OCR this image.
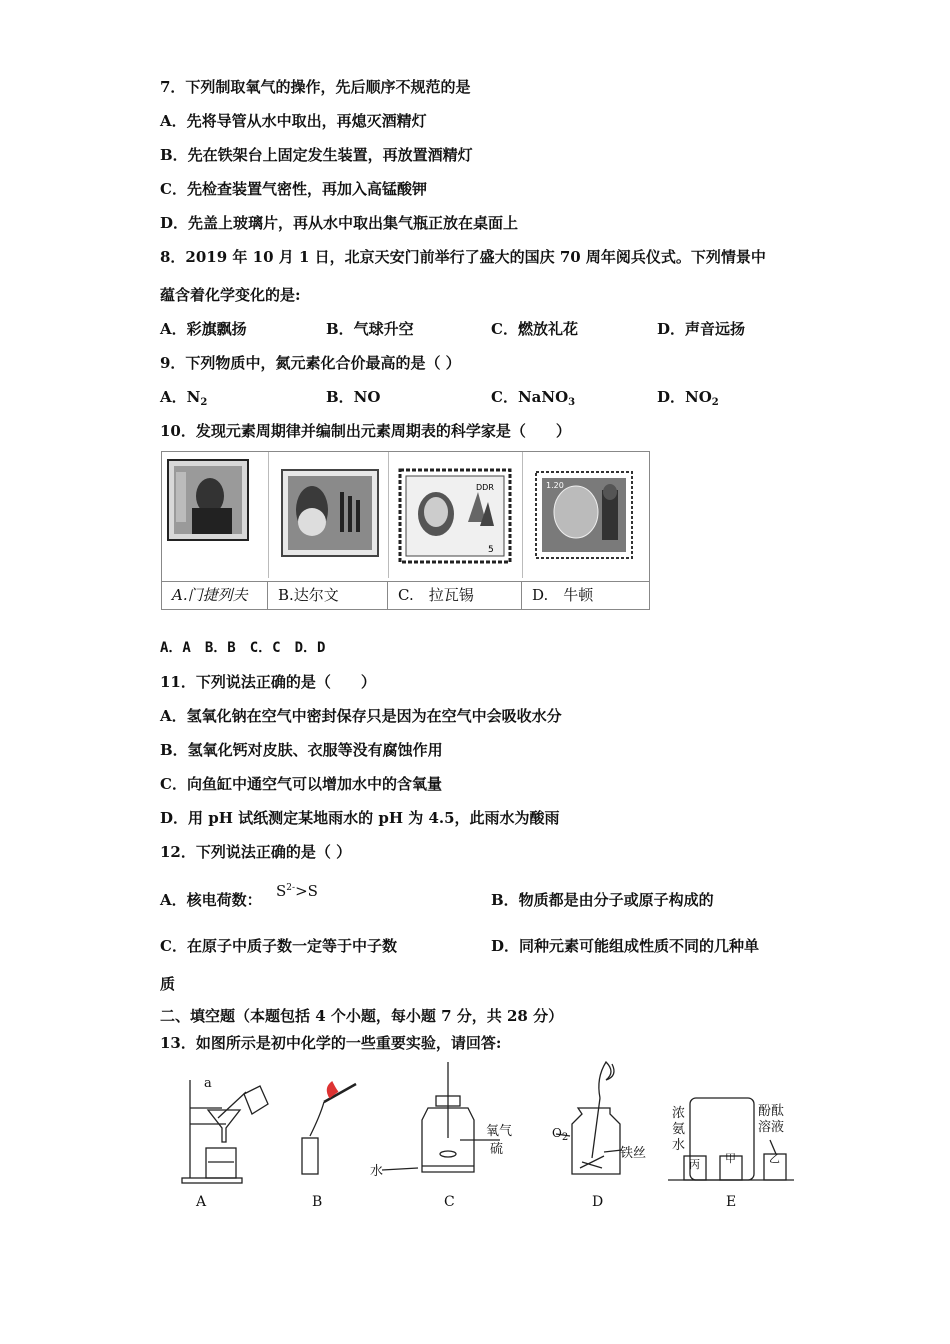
7．下列制取氧气的操作，先后顺序不规范的是
A．先将导管从水中取出，再熄灭酒精灯
B．先在铁架台上固定发生装置，再放置酒精灯
C．先检查装置气密性，再加入高锰酸钾
D．先盖上玻璃片，再从水中取出集气瓶正放在桌面上
8．2019 年 10 月 1 日，北京天安门前举行了盛大的国庆 70 周年阅兵仪式。下列情景中
蕴含着化学变化的是:
A．彩旗飘扬	B．气球升空	C．燃放礼花	D．声音远扬
9．下列物质中，氮元素化合价最高的是（ ）
A．$N_2$	B．NO	C．NaNO$_3$	D．$NO_2$
10．发现元素周期律并编制出元素周期表的科学家是（　　）
DDR
5
1.20
A.门捷列夫	B.达尔文	C.　拉瓦锡	D.　牛顿
A．A　B．B　C．C　D．D
11．下列说法正确的是（　　）
A．氢氧化钠在空气中密封保存只是因为在空气中会吸收水分
B．氢氧化钙对皮肤、衣服等没有腐蚀作用
C．向鱼缸中通空气可以增加水中的含氧量
D．用 pH 试纸测定某地雨水的 pH 为 4.5，此雨水为酸雨
12．下列说法正确的是（ ）
A．核电荷数： $S^{2-}>S$	B．物质都是由分子或原子构成的
C．在原子中质子数一定等于中子数	D．同种元素可能组成性质不同的几种单
质
二、填空题（本题包括 4 个小题，每小题 7 分，共 28 分）
13．如图所示是初中化学的一些重要实验，请回答:
a
氧气
硫
水
$O_2$
铁丝
浓
氨
水
酚酞
溶液
丙 甲	乙
A	B	C	D	E
